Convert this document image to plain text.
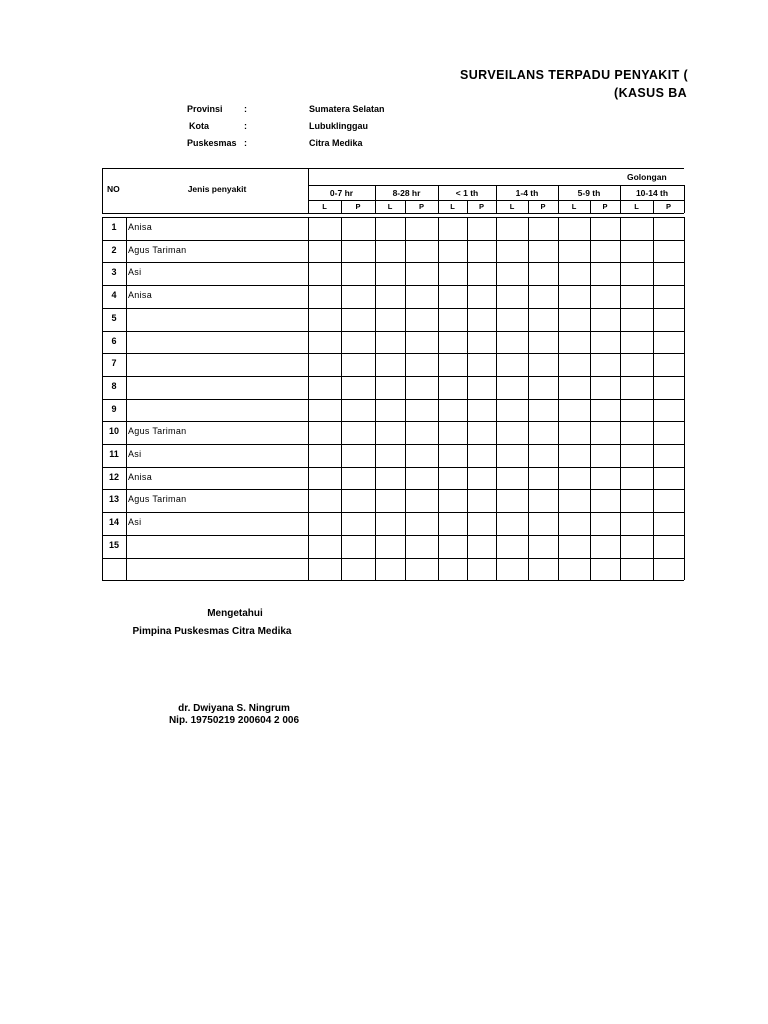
SURVEILANS TERPADU PENYAKIT (
(KASUS BA
Provinsi :	Sumatera Selatan
Kota	:	Lubuklinggau
Puskesmas :	Citra Medika
NO	Jenis penyakit
Golongan
0-7 hr	8-28 hr	< 1 th	1-4 th	5-9 th	10-14 th
L	P	L	P	L	P	L	P	L	P	L	P
1	Anisa
2	Agus Tariman
3	Asi
4	Anisa
5
6
7
8
9
10	Agus Tariman
11	Asi
12	Anisa
13	Agus Tariman
14	Asi
15
Mengetahui
Pimpina Puskesmas Citra Medika
dr. Dwiyana S. Ningrum
Nip. 19750219 200604 2 006
